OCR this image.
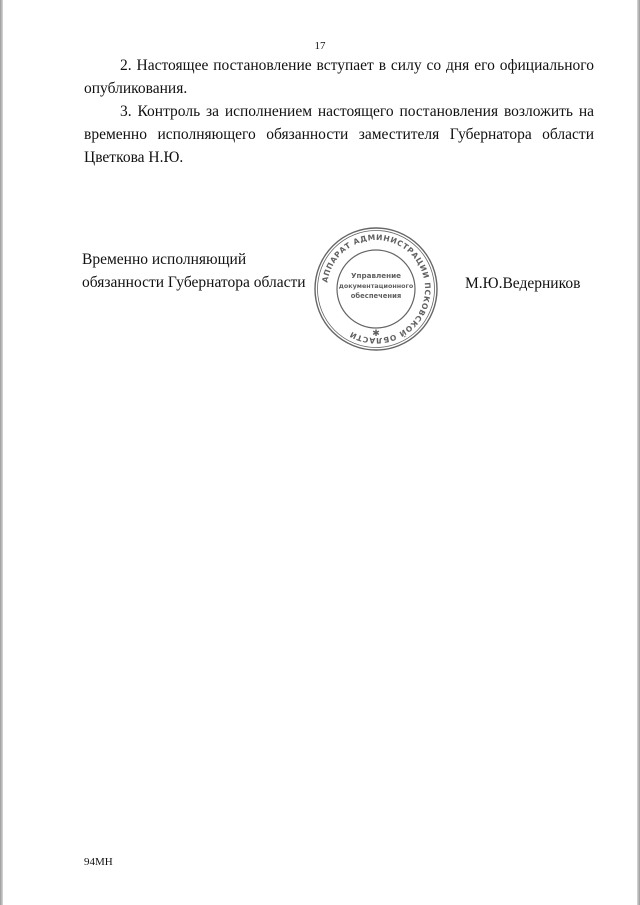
17

2. Настоящее постановление вступает в силу со дня его официального опубликования.

3. Контроль за исполнением настоящего постановления возложить на временно исполняющего обязанности заместителя Губернатора области Цветкова Н.Ю.

Временно исполняющий
обязанности Губернатора области	М.Ю.Ведерников
АППАРАТ АДМИНИСТРАЦИИ ПСКОВСКОЙ ОБЛАСТИ
Управление
документационного
обеспечения
✱
94МН
